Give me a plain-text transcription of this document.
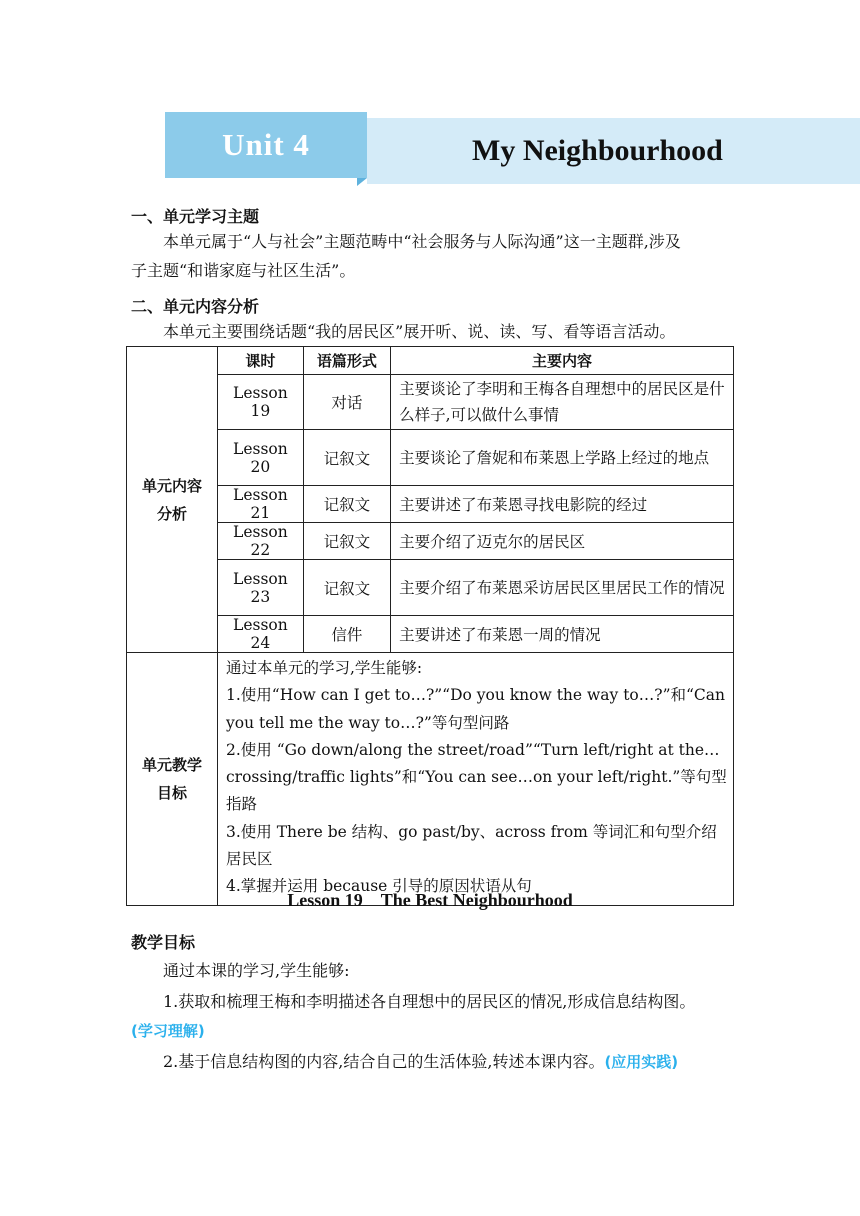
Unit 4	My Neighbourhood
一、单元学习主题
本单元属于“人与社会”主题范畴中“社会服务与人际沟通”这一主题群,涉及
子主题“和谐家庭与社区生活”。
二、单元内容分析
本单元主要围绕话题“我的居民区”展开听、说、读、写、看等语言活动。
单元内容分析	课时	语篇形式	主要内容
	Lesson 19	对话	主要谈论了李明和王梅各自理想中的居民区是什么样子,可以做什么事情
	Lesson 20	记叙文	主要谈论了詹妮和布莱恩上学路上经过的地点
	Lesson 21	记叙文	主要讲述了布莱恩寻找电影院的经过
	Lesson 22	记叙文	主要介绍了迈克尔的居民区
	Lesson 23	记叙文	主要介绍了布莱恩采访居民区里居民工作的情况
	Lesson 24	信件	主要讲述了布莱恩一周的情况

单元教学目标	通过本单元的学习,学生能够:
1.使用“How can I get to…?”“Do you know the way to…?”和“Can you tell me the way to…?”等句型问路
2.使用 “Go down/along the street/road”“Turn left/right at the…crossing/traffic lights”和“You can see…on your left/right.”等句型指路
3.使用 There be 结构、go past/by、across from 等词汇和句型介绍居民区
4.掌握并运用 because 引导的原因状语从句		
Lesson 19　The Best Neighbourhood
教学目标
通过本课的学习,学生能够:
1.获取和梳理王梅和李明描述各自理想中的居民区的情况,形成信息结构图。
(学习理解)
2.基于信息结构图的内容,结合自己的生活体验,转述本课内容。(应用实践)
